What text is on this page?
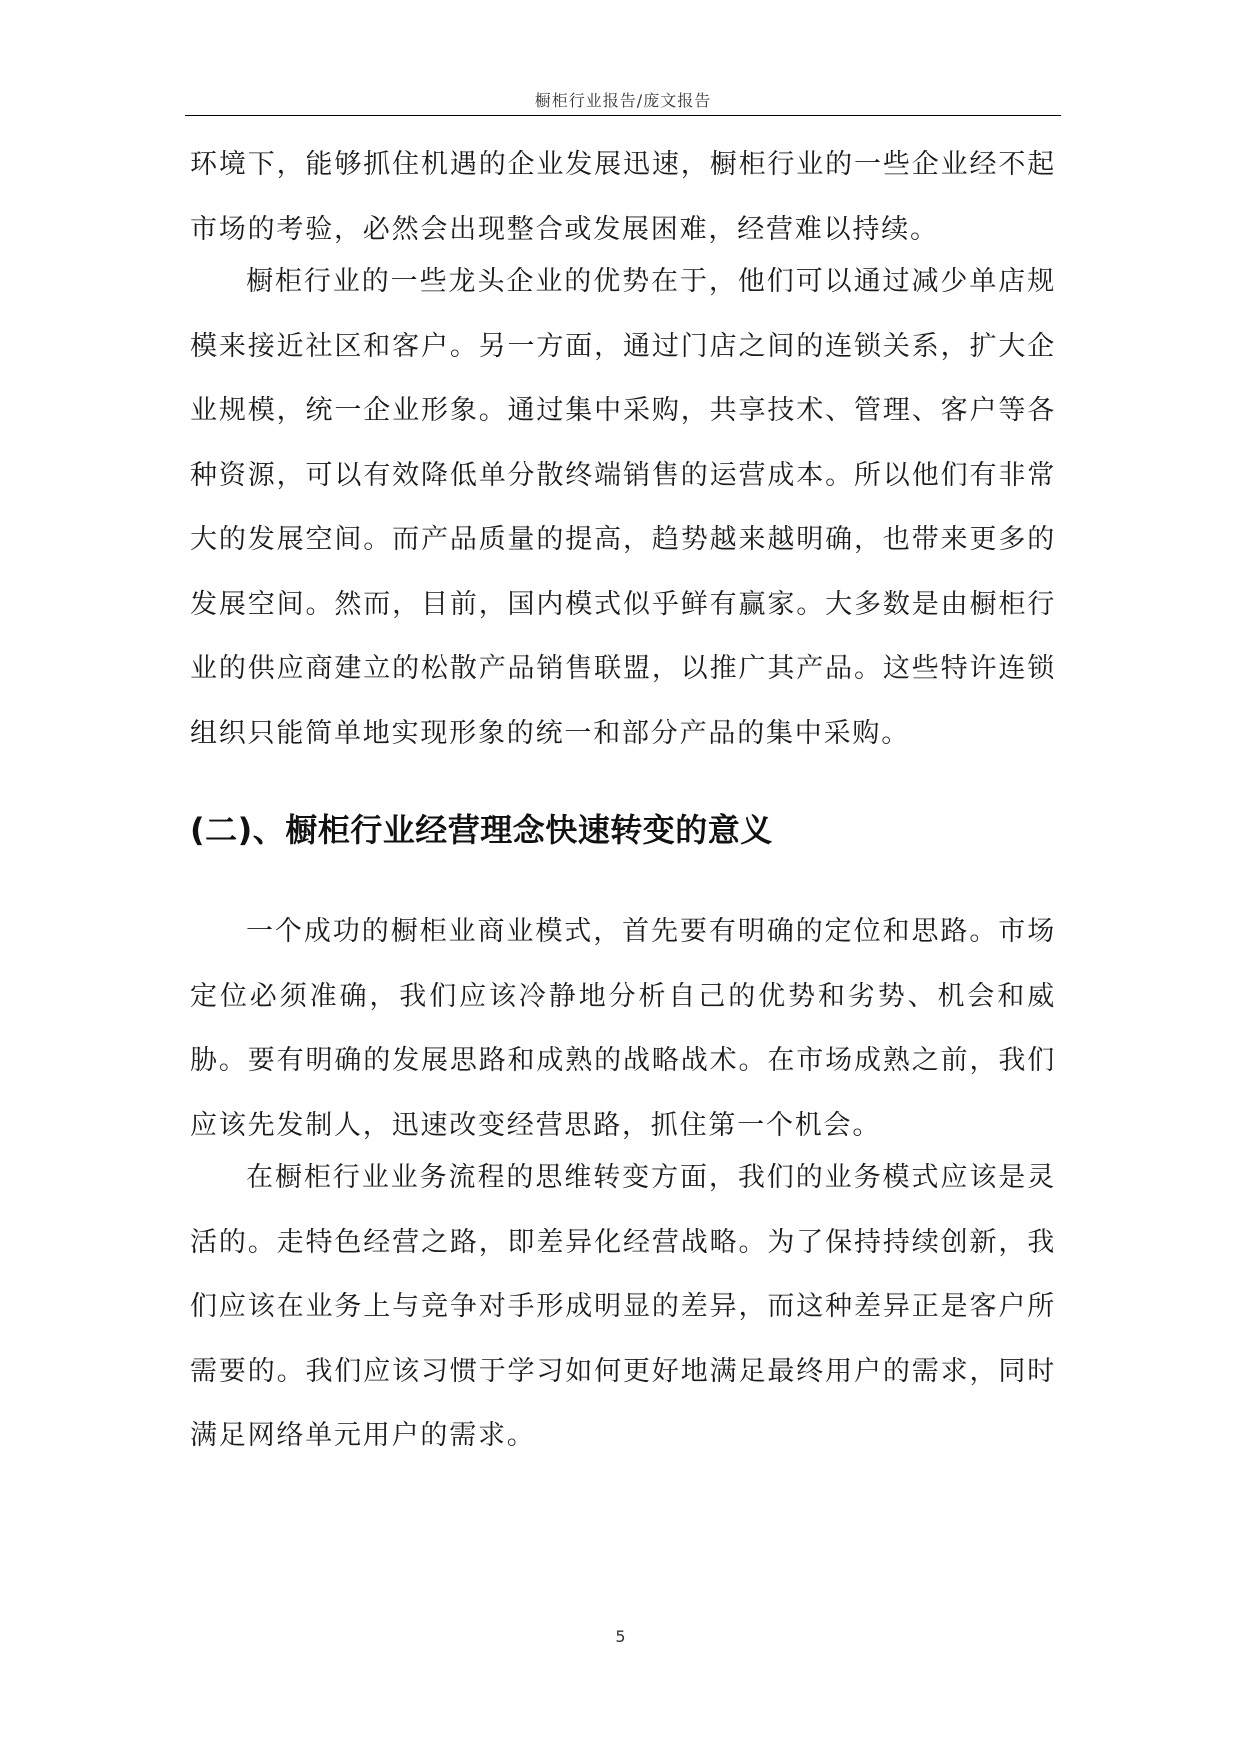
橱柜行业报告/庞文报告

环境下，能够抓住机遇的企业发展迅速，橱柜行业的一些企业经不起市场的考验，必然会出现整合或发展困难，经营难以持续。

橱柜行业的一些龙头企业的优势在于，他们可以通过减少单店规模来接近社区和客户。另一方面，通过门店之间的连锁关系，扩大企业规模，统一企业形象。通过集中采购，共享技术、管理、客户等各种资源，可以有效降低单分散终端销售的运营成本。所以他们有非常大的发展空间。而产品质量的提高，趋势越来越明确，也带来更多的发展空间。然而，目前，国内模式似乎鲜有赢家。大多数是由橱柜行业的供应商建立的松散产品销售联盟，以推广其产品。这些特许连锁组织只能简单地实现形象的统一和部分产品的集中采购。

(二)、橱柜行业经营理念快速转变的意义

一个成功的橱柜业商业模式，首先要有明确的定位和思路。市场定位必须准确，我们应该冷静地分析自己的优势和劣势、机会和威胁。要有明确的发展思路和成熟的战略战术。在市场成熟之前，我们应该先发制人，迅速改变经营思路，抓住第一个机会。

在橱柜行业业务流程的思维转变方面，我们的业务模式应该是灵活的。走特色经营之路，即差异化经营战略。为了保持持续创新，我们应该在业务上与竞争对手形成明显的差异，而这种差异正是客户所需要的。我们应该习惯于学习如何更好地满足最终用户的需求，同时满足网络单元用户的需求。

5
